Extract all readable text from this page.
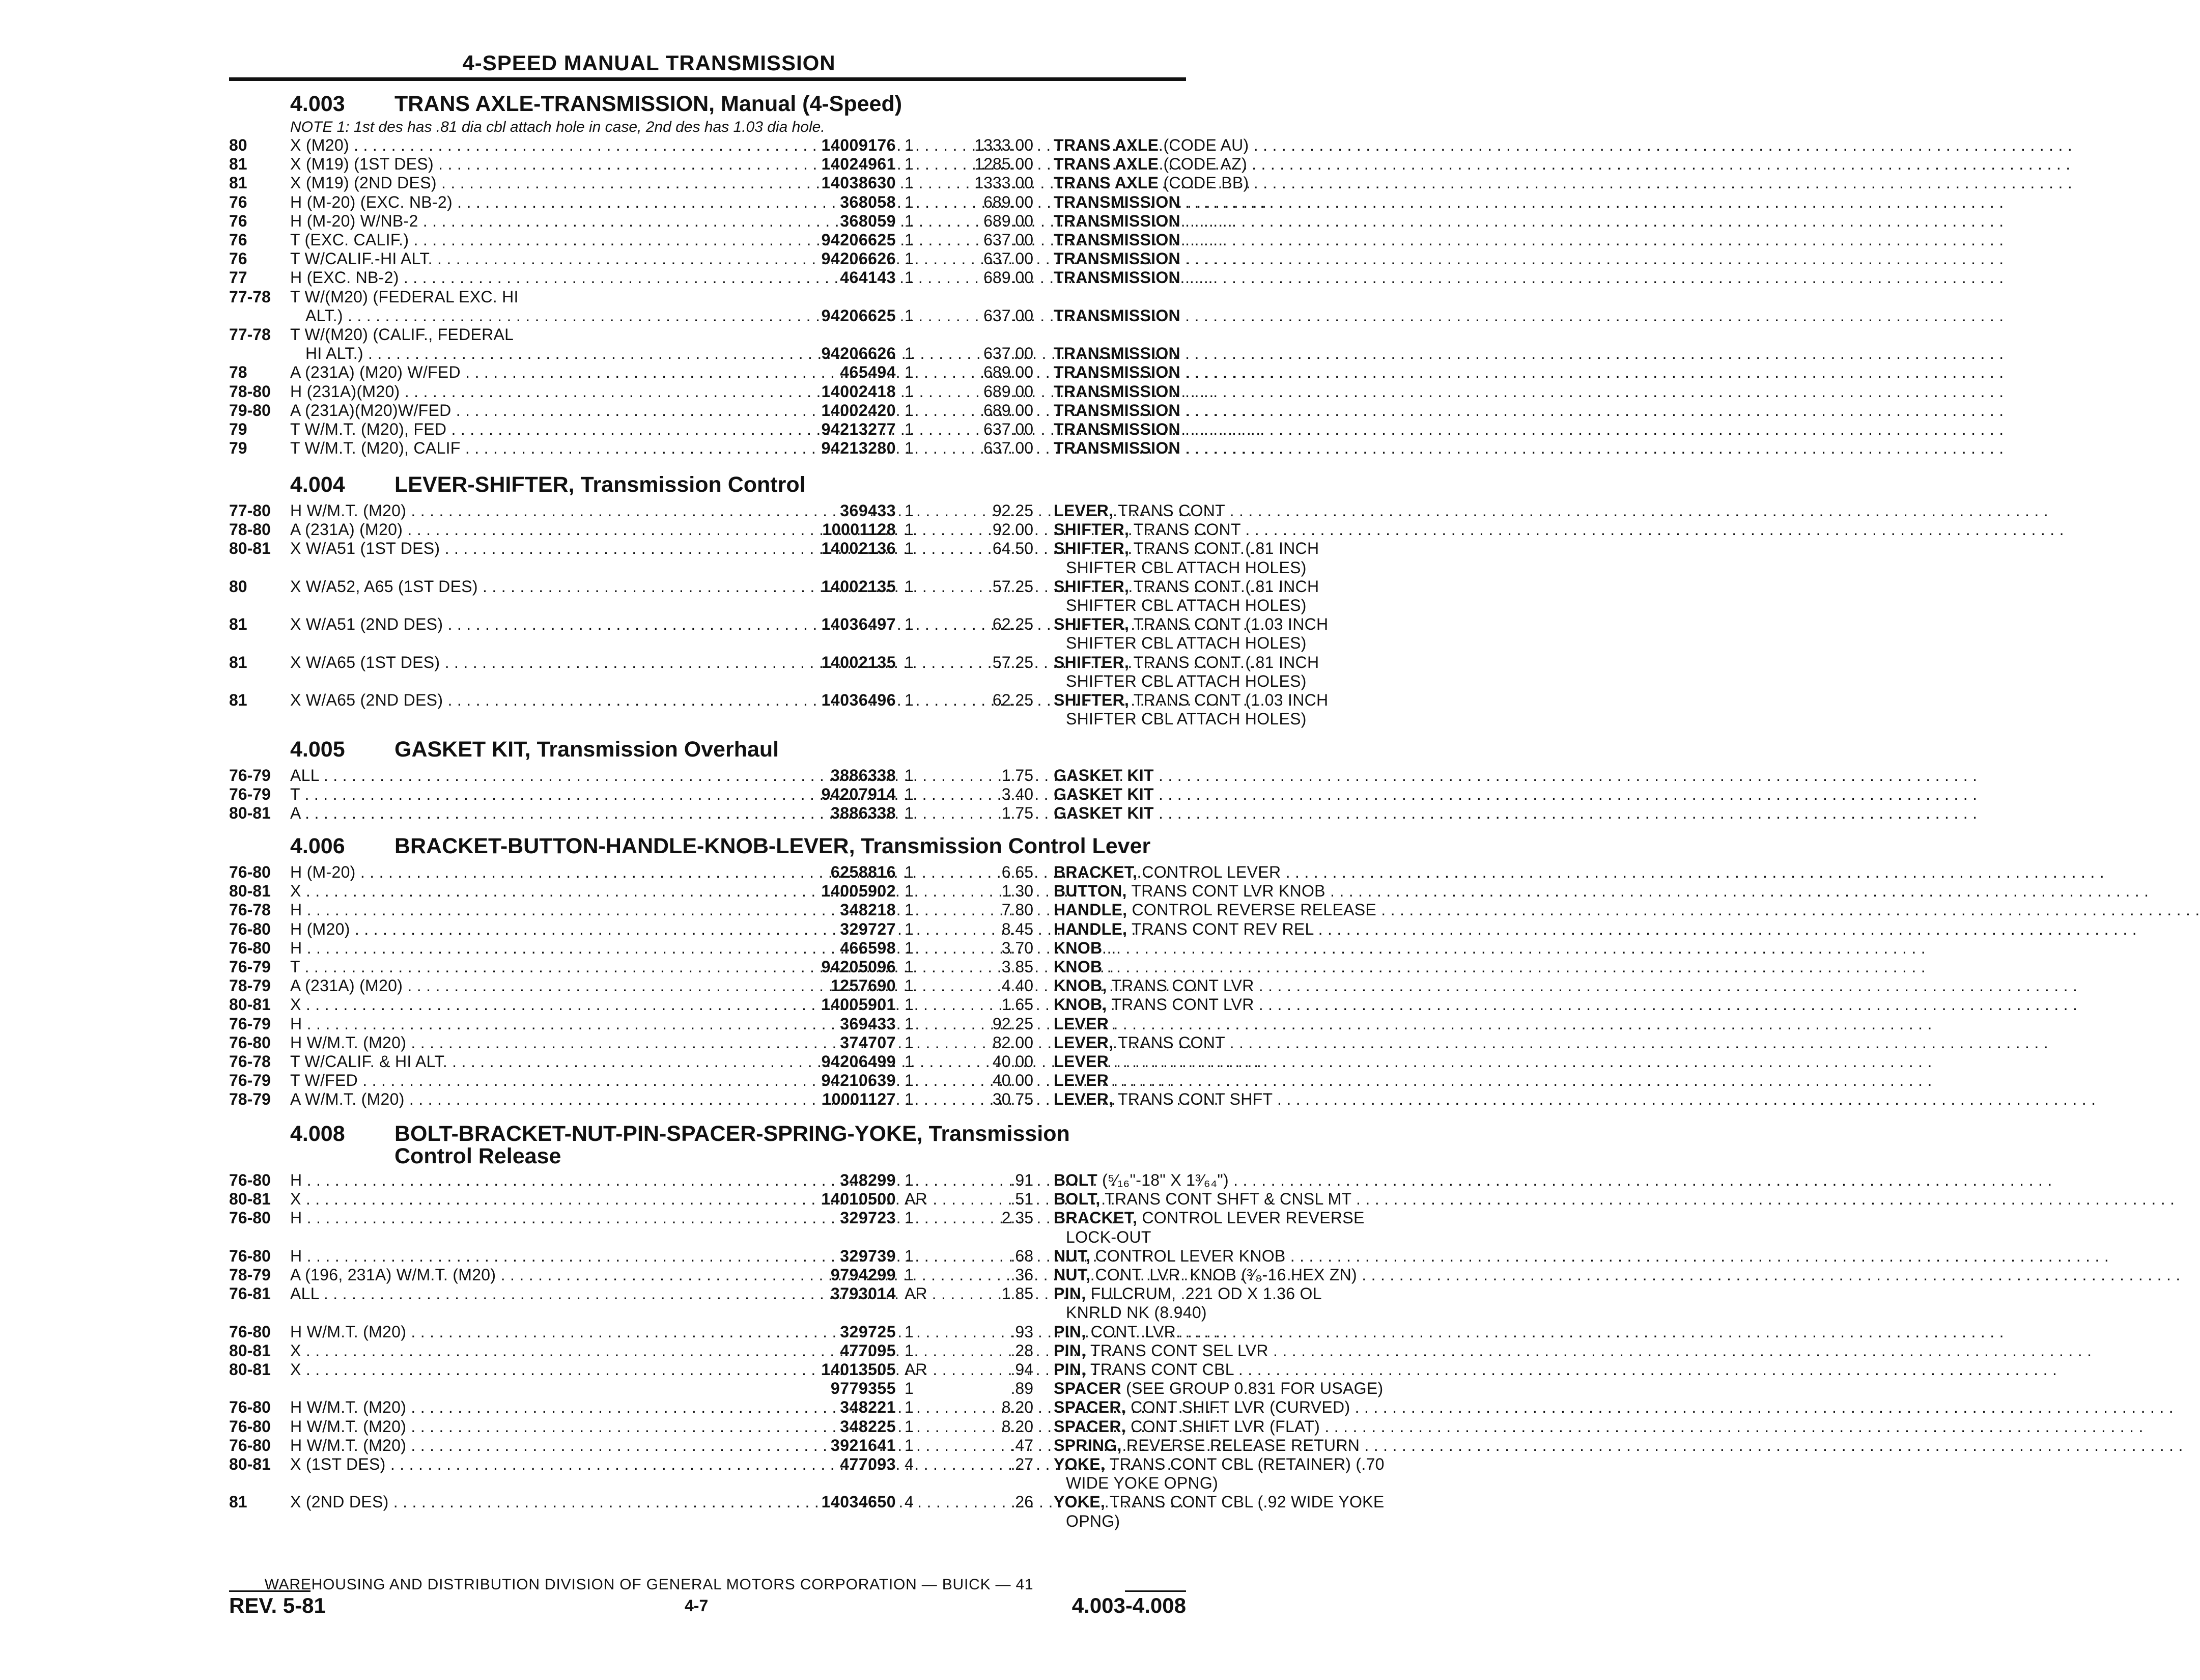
4-SPEED MANUAL TRANSMISSION
4.003 TRANS AXLE-TRANSMISSION, Manual (4-Speed)
NOTE 1: 1st des has .81 dia cbl attach hole in case, 2nd des has 1.03 dia hole.
80	X (M20) . . .	14009176 1	1333.00 TRANS AXLE (CODE AU) . . .
81	X (M19) (1ST DES) . . .	14024961 1	1285.00 TRANS AXLE (CODE AZ) . . .
81	X (M19) (2ND DES) . . .	14038630 1	1333.00 TRANS AXLE (CODE BB) . . .
76	H (M-20) (EXC. NB-2) . . .	368058 1	689.00 TRANSMISSION . . .
76	H (M-20) W/NB-2 . . .	368059 1	689.00 TRANSMISSION . . .
76	T (EXC. CALIF.) . . .	94206625 1	637.00 TRANSMISSION . . .
76	T W/CALIF.-HI ALT. . . .	94206626 1	637.00 TRANSMISSION . . .
77	H (EXC. NB-2) . . .	464143 1	689.00 TRANSMISSION . . .
77-78	T W/(M20) (FEDERAL EXC. HI
ALT.) . . .	94206625 1	637.00 TRANSMISSION . . .
77-78	T W/(M20) (CALIF., FEDERAL
HI ALT.) . . .	94206626 1	637.00 TRANSMISSION . . .
78	A (231A) (M20) W/FED . . .	465494 1	689.00 TRANSMISSION . . .
78-80	H (231A)(M20) . . .	14002418 1	689.00 TRANSMISSION . . .
79-80	A (231A)(M20)W/FED . . .	14002420 1	689.00 TRANSMISSION . . .
79	T W/M.T. (M20), FED . . .	94213277 1	637.00 TRANSMISSION . . .
79	T W/M.T. (M20), CALIF . . .	94213280 1	637.00 TRANSMISSION . . .
4.004 LEVER-SHIFTER, Transmission Control
77-80	H W/M.T. (M20) . . .	369433 1	92.25 LEVER, TRANS CONT . . .
78-80	A (231A) (M20) . . .	10001128 1	92.00 SHIFTER, TRANS CONT . . .
80-81	X W/A51 (1ST DES) . . .	14002136 1	64.50 SHIFTER, TRANS CONT (.81 INCH
SHIFTER CBL ATTACH HOLES)
80	X W/A52, A65 (1ST DES) . . .	14002135 1	57.25 SHIFTER, TRANS CONT (.81 INCH
SHIFTER CBL ATTACH HOLES)
81	X W/A51 (2ND DES) . . .	14036497 1	62.25 SHIFTER, TRANS CONT (1.03 INCH
SHIFTER CBL ATTACH HOLES)
81	X W/A65 (1ST DES) . . .	14002135 1	57.25 SHIFTER, TRANS CONT (.81 INCH
SHIFTER CBL ATTACH HOLES)
81	X W/A65 (2ND DES) . . .	14036496 1	62.25 SHIFTER, TRANS CONT (1.03 INCH
SHIFTER CBL ATTACH HOLES)
4.005 GASKET KIT, Transmission Overhaul
76-79	ALL . . .	3886338 1	1.75 GASKET KIT . . .
76-79	T . . .	94207914 1	3.40 GASKET KIT . . .
80-81	A . . .	3886338 1	1.75 GASKET KIT . . .
4.006 BRACKET-BUTTON-HANDLE-KNOB-LEVER, Transmission Control Lever
76-80	H (M-20) . . .	6258816 1	6.65 BRACKET, CONTROL LEVER . . .
80-81	X . . .	14005902 1	1.30 BUTTON, TRANS CONT LVR KNOB . . .
76-78	H . . .	348218 1	7.80 HANDLE, CONTROL REVERSE RELEASE . . .
76-80	H (M20) . . .	329727 1	8.45 HANDLE, TRANS CONT REV REL . . .
76-80	H . . .	466598 1	3.70 KNOB . . .
76-79	T . . .	94205096 1	3.85 KNOB . . .
78-79	A (231A) (M20) . . .	1257690 1	4.40 KNOB, TRANS CONT LVR . . .
80-81	X . . .	14005901 1	1.65 KNOB, TRANS CONT LVR . . .
76-79	H . . .	369433 1	92.25 LEVER . . .
76-80	H W/M.T. (M20) . . .	374707 1	82.00 LEVER, TRANS CONT . . .
76-78	T W/CALIF. & HI ALT. . . .	94206499 1	40.00 LEVER . . .
76-79	T W/FED . . .	94210639 1	40.00 LEVER . . .
78-79	A W/M.T. (M20) . . .	10001127 1	30.75 LEVER, TRANS CONT SHFT . . .
4.008 BOLT-BRACKET-NUT-PIN-SPACER-SPRING-YOKE, Transmission
Control Release
76-80	H . . .	348299 1	.91 BOLT (⁵⁄₁₆"-18" X 1³⁄₆₄") . . .
80-81	X . . .	14010500 AR	.51 BOLT, TRANS CONT SHFT & CNSL MT . . .
76-80	H . . .	329723 1	2.35 BRACKET, CONTROL LEVER REVERSE
LOCK-OUT
76-80	H . . .	329739 1	.68 NUT, CONTROL LEVER KNOB . . .
78-79	A (196, 231A) W/M.T. (M20) . . .	9794299 1	.36 NUT, CONT. LVR. KNOB (³⁄₈-16 HEX ZN) . . .
76-81	ALL . . .	3793014 AR	1.85 PIN, FULCRUM, .221 OD X 1.36 OL
KNRLD NK (8.940)
76-80	H W/M.T. (M20) . . .	329725 1	.93 PIN, CONT. LVR. . . .
80-81	X . . .	477095 1	.28 PIN, TRANS CONT SEL LVR . . .
80-81	X . . .	14013505 AR	.94 PIN, TRANS CONT CBL . . .
9779355 1	.89 SPACER (SEE GROUP 0.831 FOR USAGE)
76-80	H W/M.T. (M20) . . .	348221 1	8.20 SPACER, CONT SHIFT LVR (CURVED) . . .
76-80	H W/M.T. (M20) . . .	348225 1	8.20 SPACER, CONT SHIFT LVR (FLAT) . . .
76-80	H W/M.T. (M20) . . .	3921641 1	.47 SPRING, REVERSE RELEASE RETURN . . .
80-81	X (1ST DES) . . .	477093 4	.27 YOKE, TRANS CONT CBL (RETAINER) (.70
WIDE YOKE OPNG)
81	X (2ND DES) . . .	14034650 4	.26 YOKE, TRANS CONT CBL (.92 WIDE YOKE
OPNG)
WAREHOUSING AND DISTRIBUTION DIVISION OF GENERAL MOTORS CORPORATION — BUICK — 41
REV. 5-81	4-7	4.003-4.008
